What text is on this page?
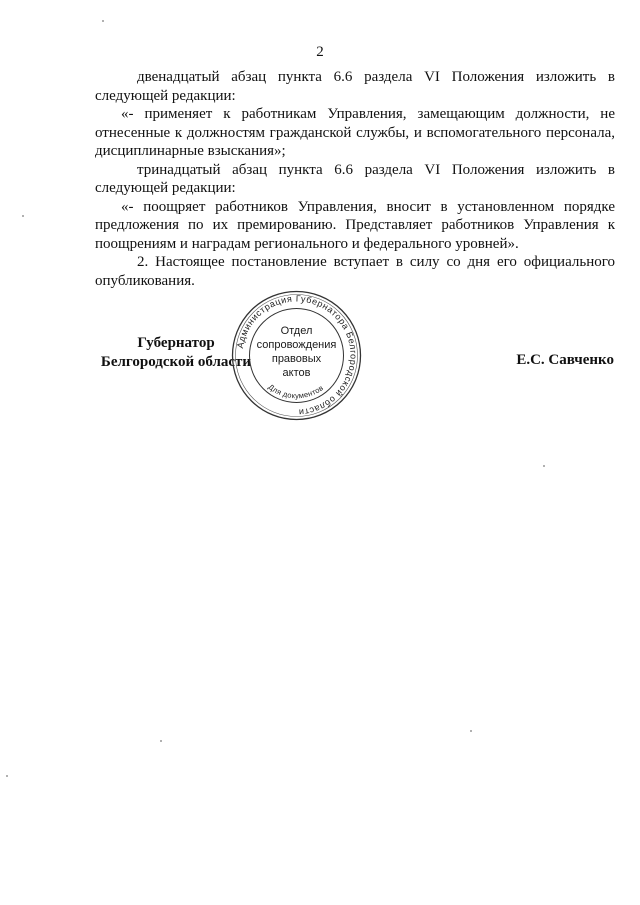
2

двенадцатый абзац пункта 6.6 раздела VI Положения изложить в следующей редакции:

«- применяет к работникам Управления, замещающим должности, не отнесенные к должностям гражданской службы, и вспомогательного персонала, дисциплинарные взыскания»;

тринадцатый абзац пункта 6.6 раздела VI Положения изложить в следующей редакции:

«- поощряет работников Управления, вносит в установленном порядке предложения по их премированию. Представляет работников Управления к поощрениям и наградам регионального и федерального уровней».

2. Настоящее постановление вступает в силу со дня его официального опубликования.

Губернатор
Белгородской области
Администрация Губернатора Белгородской области
Для документов
Отдел
сопровождения
правовых
актов
Е.С. Савченко
